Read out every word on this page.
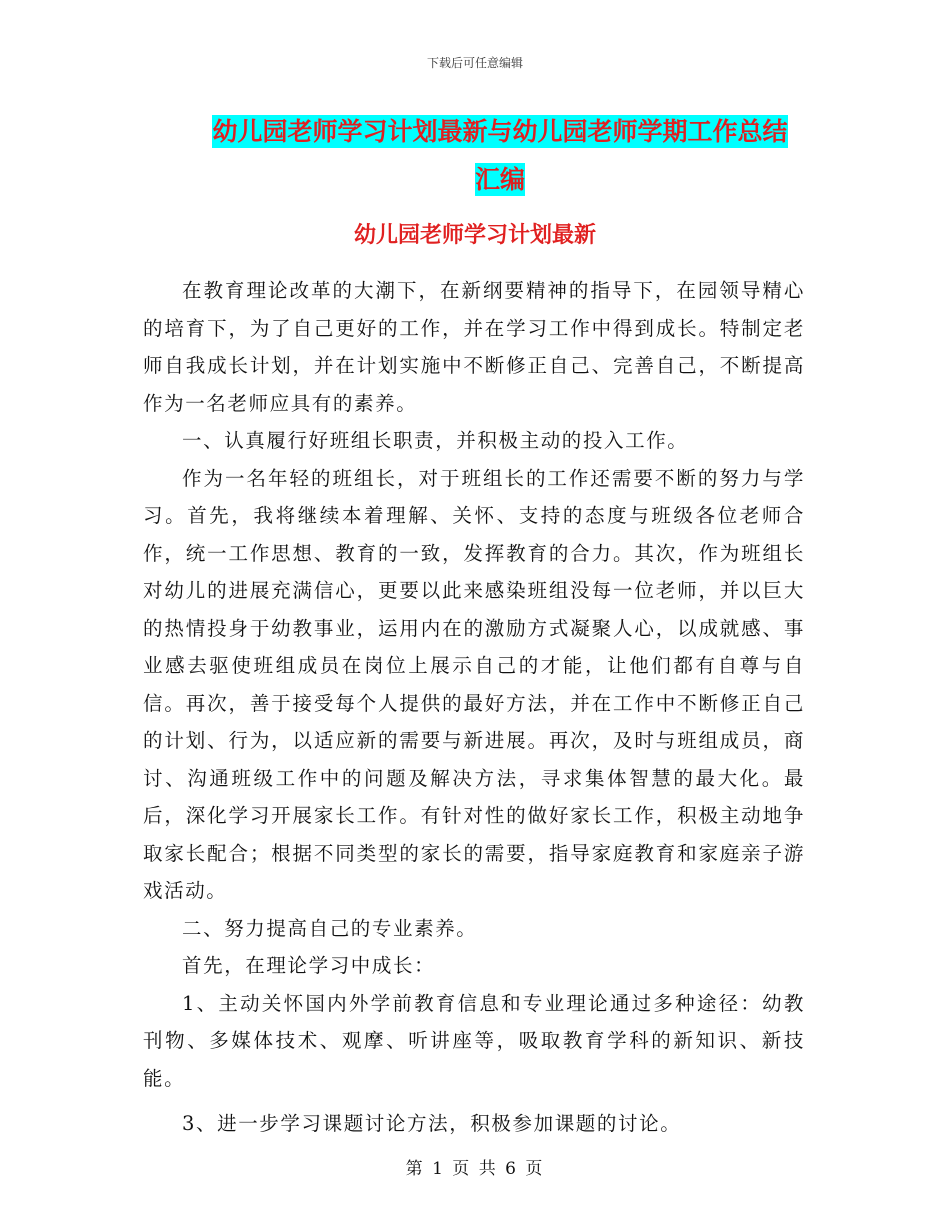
下载后可任意编辑
幼儿园老师学习计划最新与幼儿园老师学期工作总结
汇编
幼儿园老师学习计划最新

在教育理论改革的大潮下，在新纲要精神的指导下，在园领导精心的培育下，为了自己更好的工作，并在学习工作中得到成长。特制定老师自我成长计划，并在计划实施中不断修正自己、完善自己，不断提高作为一名老师应具有的素养。

一、认真履行好班组长职责，并积极主动的投入工作。

作为一名年轻的班组长，对于班组长的工作还需要不断的努力与学习。首先，我将继续本着理解、关怀、支持的态度与班级各位老师合作，统一工作思想、教育的一致，发挥教育的合力。其次，作为班组长对幼儿的进展充满信心，更要以此来感染班组没每一位老师，并以巨大的热情投身于幼教事业，运用内在的激励方式凝聚人心，以成就感、事业感去驱使班组成员在岗位上展示自己的才能，让他们都有自尊与自信。再次，善于接受每个人提供的最好方法，并在工作中不断修正自己的计划、行为，以适应新的需要与新进展。再次，及时与班组成员，商讨、沟通班级工作中的问题及解决方法，寻求集体智慧的最大化。最后，深化学习开展家长工作。有针对性的做好家长工作，积极主动地争取家长配合；根据不同类型的家长的需要，指导家庭教育和家庭亲子游戏活动。

二、努力提高自己的专业素养。

首先，在理论学习中成长：

1、主动关怀国内外学前教育信息和专业理论通过多种途径：幼教刊物、多媒体技术、观摩、听讲座等，吸取教育学科的新知识、新技能。

3、进一步学习课题讨论方法，积极参加课题的讨论。

第 1 页 共 6 页
